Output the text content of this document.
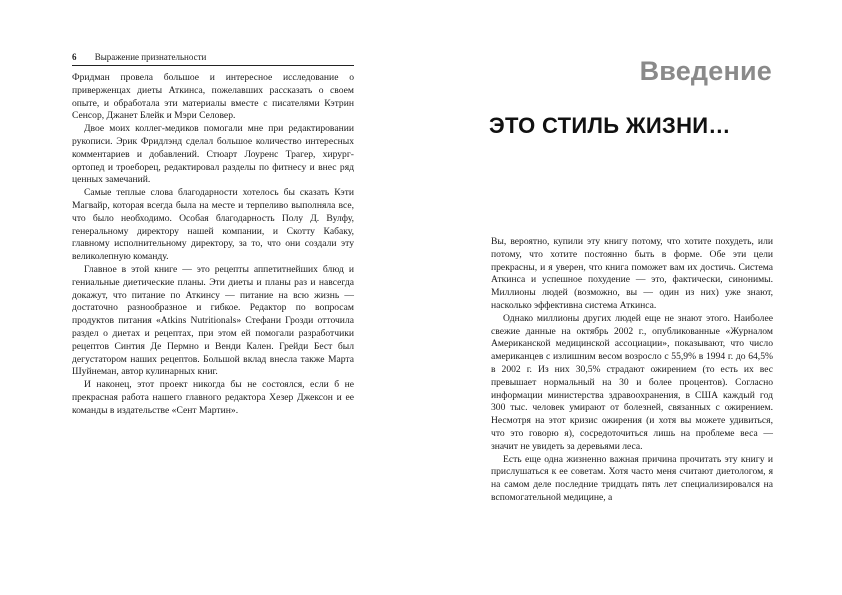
6 Выражение признательности

Фридман провела большое и интересное исследование о приверженцах диеты Аткинса, пожелавших рассказать о своем опыте, и обработала эти материалы вместе с писателями Кэтрин Сенсор, Джанет Блейк и Мэри Селовер.

Двое моих коллег-медиков помогали мне при редактировании рукописи. Эрик Фридлэнд сделал большое количество интересных комментариев и добавлений. Стюарт Лоуренс Трагер, хирург-ортопед и троеборец, редактировал разделы по фитнесу и внес ряд ценных замечаний.

Самые теплые слова благодарности хотелось бы сказать Кэти Магвайр, которая всегда была на месте и терпеливо выполняла все, что было необходимо. Особая благодарность Полу Д. Вулфу, генеральному директору нашей компании, и Скотту Кабаку, главному исполнительному директору, за то, что они создали эту великолепную команду.

Главное в этой книге — это рецепты аппетитнейших блюд и гениальные диетические планы. Эти диеты и планы раз и навсегда докажут, что питание по Аткинсу — питание на всю жизнь — достаточно разнообразное и гибкое. Редактор по вопросам продуктов питания «Atkins Nutritionals» Стефани Грозди отточила раздел о диетах и рецептах, при этом ей помогали разработчики рецептов Синтия Де Пермно и Венди Кален. Грейди Бест был дегустатором наших рецептов. Большой вклад внесла также Марта Шуйнеман, автор кулинарных книг.

И наконец, этот проект никогда бы не состоялся, если б не прекрасная работа нашего главного редактора Хезер Джексон и ее команды в издательстве «Сент Мартин».

Введение
ЭТО СТИЛЬ ЖИЗНИ…

Вы, вероятно, купили эту книгу потому, что хотите похудеть, или потому, что хотите постоянно быть в форме. Обе эти цели прекрасны, и я уверен, что книга поможет вам их достичь. Система Аткинса и успешное похудение — это, фактически, синонимы. Миллионы людей (возможно, вы — один из них) уже знают, насколько эффективна система Аткинса.

Однако миллионы других людей еще не знают этого. Наиболее свежие данные на октябрь 2002 г., опубликованные «Журналом Американской медицинской ассоциации», показывают, что число американцев с излишним весом возросло с 55,9% в 1994 г. до 64,5% в 2002 г. Из них 30,5% страдают ожирением (то есть их вес превышает нормальный на 30 и более процентов). Согласно информации министерства здравоохранения, в США каждый год 300 тыс. человек умирают от болезней, связанных с ожирением. Несмотря на этот кризис ожирения (и хотя вы можете удивиться, что это говорю я), сосредоточиться лишь на проблеме веса — значит не увидеть за деревьями леса.

Есть еще одна жизненно важная причина прочитать эту книгу и прислушаться к ее советам. Хотя часто меня считают диетологом, я на самом деле последние тридцать пять лет специализировался на вспомогательной медицине, а
